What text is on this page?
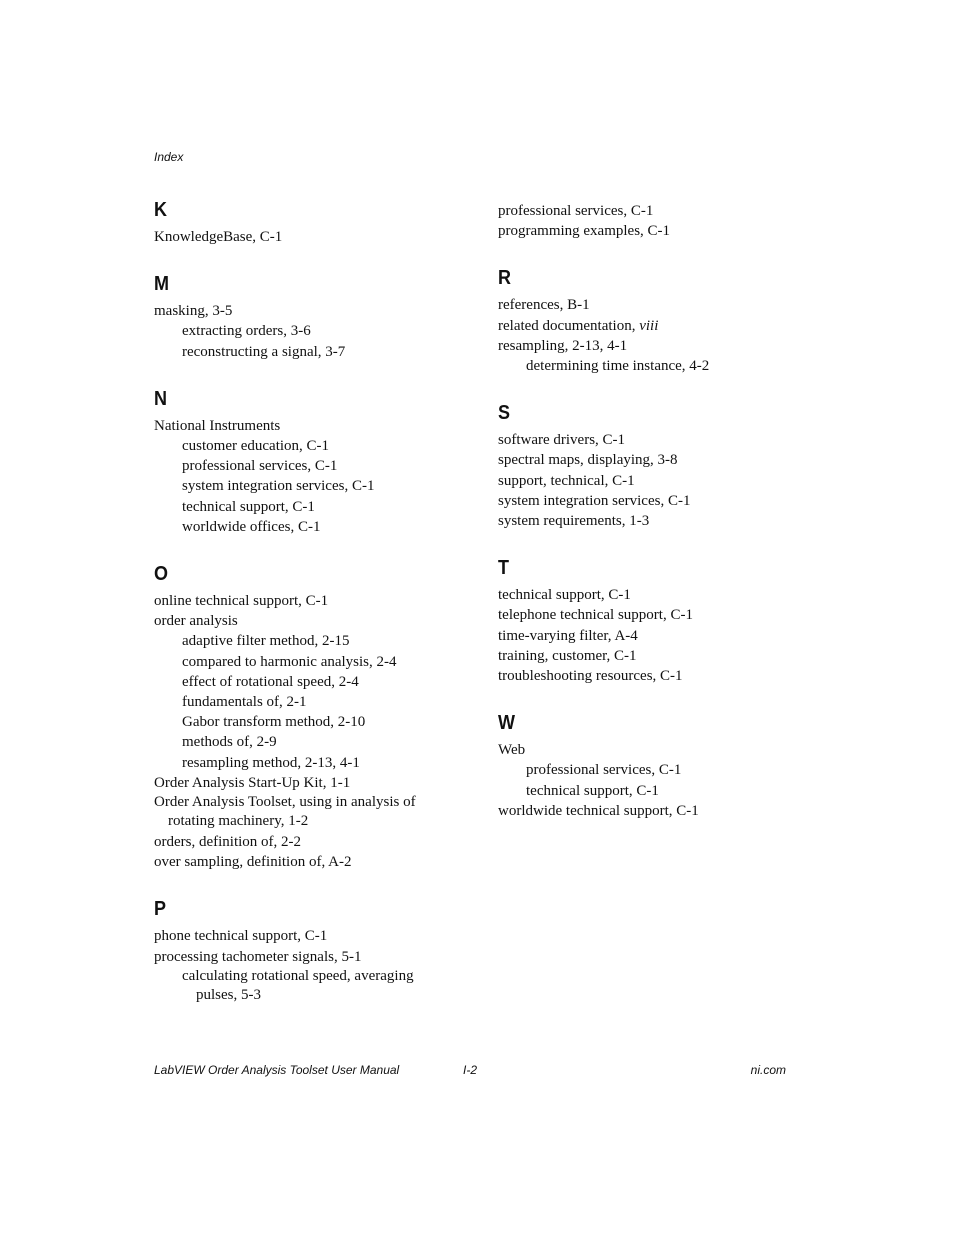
Index
K
KnowledgeBase, C-1
M
masking, 3-5
extracting orders, 3-6
reconstructing a signal, 3-7
N
National Instruments
customer education, C-1
professional services, C-1
system integration services, C-1
technical support, C-1
worldwide offices, C-1
O
online technical support, C-1
order analysis
adaptive filter method, 2-15
compared to harmonic analysis, 2-4
effect of rotational speed, 2-4
fundamentals of, 2-1
Gabor transform method, 2-10
methods of, 2-9
resampling method, 2-13, 4-1
Order Analysis Start-Up Kit, 1-1
Order Analysis Toolset, using in analysis of rotating machinery, 1-2
orders, definition of, 2-2
over sampling, definition of, A-2
P
phone technical support, C-1
processing tachometer signals, 5-1
calculating rotational speed, averaging pulses, 5-3
professional services, C-1
programming examples, C-1
R
references, B-1
related documentation, viii
resampling, 2-13, 4-1
determining time instance, 4-2
S
software drivers, C-1
spectral maps, displaying, 3-8
support, technical, C-1
system integration services, C-1
system requirements, 1-3
T
technical support, C-1
telephone technical support, C-1
time-varying filter, A-4
training, customer, C-1
troubleshooting resources, C-1
W
Web
professional services, C-1
technical support, C-1
worldwide technical support, C-1
LabVIEW Order Analysis Toolset User Manual	I-2	ni.com
